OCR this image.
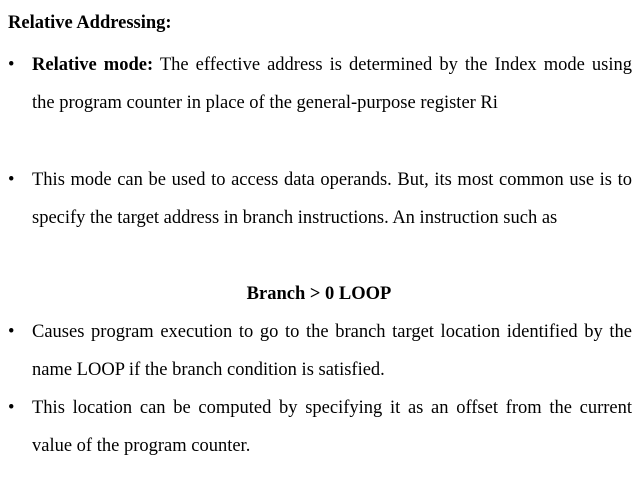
Relative Addressing:
• Relative mode: The effective address is determined by the Index mode using the program counter in place of the general-purpose register Ri
• This mode can be used to access data operands. But, its most common use is to specify the target address in branch instructions. An instruction such as
Branch > 0 LOOP
• Causes program execution to go to the branch target location identified by the name LOOP if the branch condition is satisfied.
• This location can be computed by specifying it as an offset from the current value of the program counter.
